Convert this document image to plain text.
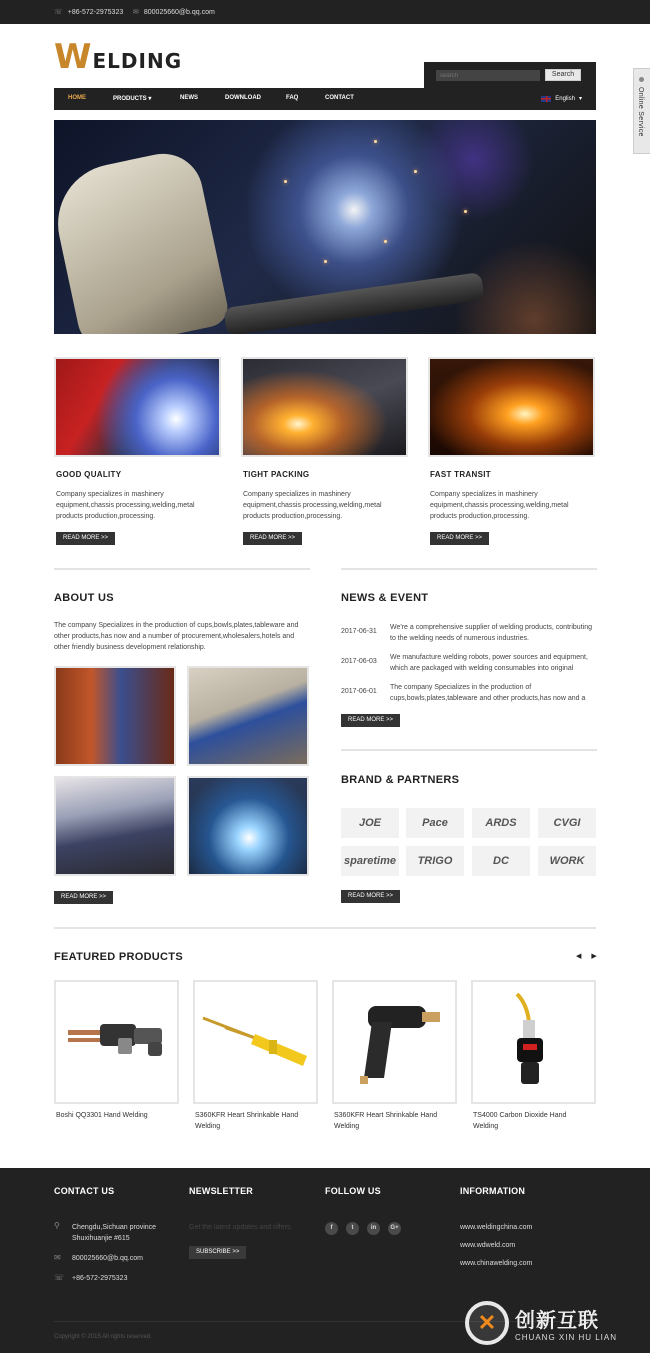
☏ +86-572-2975323 ✉ 800025660@b.qq.com
W ELDING
search
Search
HOME	PRODUCTS ▾	NEWS	DOWNLOAD	FAQ	CONTACT	English ▾
GOOD QUALITY

Company specializes in mashinery equipment,chassis processing,welding,metal products production,processing.

READ MORE >>
TIGHT PACKING

Company specializes in mashinery equipment,chassis processing,welding,metal products production,processing.

READ MORE >>
FAST TRANSIT

Company specializes in mashinery equipment,chassis processing,welding,metal products production,processing.

READ MORE >>
ABOUT US
The company Specializes in the production of cups,bowls,plates,tableware and other products,has now and a number of procurement,wholesalers,hotels and other friendly business development relationship.
READ MORE >>
NEWS & EVENT
2017-06-31
We're a comprehensive supplier of welding products, contributing to the welding needs of numerous industries.
2017-06-03
We manufacture welding robots, power sources and equipment, which are packaged with welding consumables into original
2017-06-01
The company Specializes in the production of cups,bowls,plates,tableware and other products,has now and a
READ MORE >>
BRAND & PARTNERS
JOE	Pace	ARDS	CVGI
sparetime	TRIGO	DC	WORK
READ MORE >>
FEATURED PRODUCTS	◀ ▶
Boshi QQ3301 Hand Welding	S360KFR Heart Shrinkable Hand Welding
S360KFR Heart Shrinkable Hand Welding
TS4000 Carbon Dioxide Hand Welding
CONTACT US
⚲ Chengdu,Sichuan province
Shuxihuanjie #615
✉ 800025660@b.qq.com
☏ +86-572-2975323
NEWSLETTER
Get the latest updates and offers.
SUBSCRIBE >>
FOLLOW US
f	t	in	G+
INFORMATION
www.weldingchina.com
www.wdweld.com
www.chinawelding.com
Copyright © 2015 All rights reserved.
Online Service
✕ 创新互联
CHUANG XIN HU LIAN
